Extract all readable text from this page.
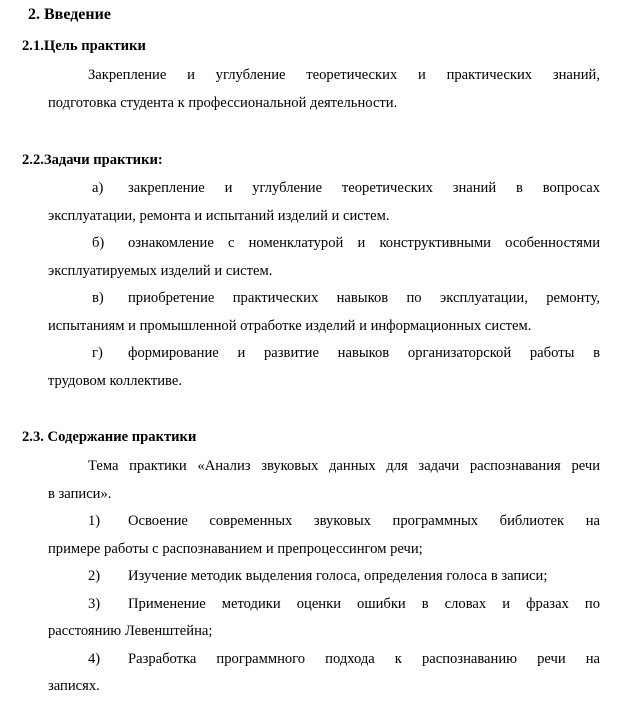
2. Введение
2.1.Цель практики
Закрепление и углубление теоретических и практических знаний,
подготовка студента к профессиональной деятельности.
2.2.Задачи практики:
а)	закрепление и углубление теоретических знаний в вопросах
эксплуатации, ремонта и испытаний изделий и систем.
б)	ознакомление с номенклатурой и конструктивными особенностями
эксплуатируемых изделий и систем.
в)	приобретение практических навыков по эксплуатации, ремонту,
испытаниям и промышленной отработке изделий и информационных систем.
г)	формирование и развитие навыков организаторской работы в
трудовом коллективе.
2.3. Содержание практики
Тема практики «Анализ звуковых данных для задачи распознавания речи
в записи».
1)	Освоение современных звуковых программных библиотек на
примере работы с распознаванием и препроцессингом речи;
2)	Изучение методик выделения голоса, определения голоса в записи;
3)	Применение методики оценки ошибки в словах и фразах по
расстоянию Левенштейна;
4)	Разработка программного подхода к распознаванию речи на
записях.
